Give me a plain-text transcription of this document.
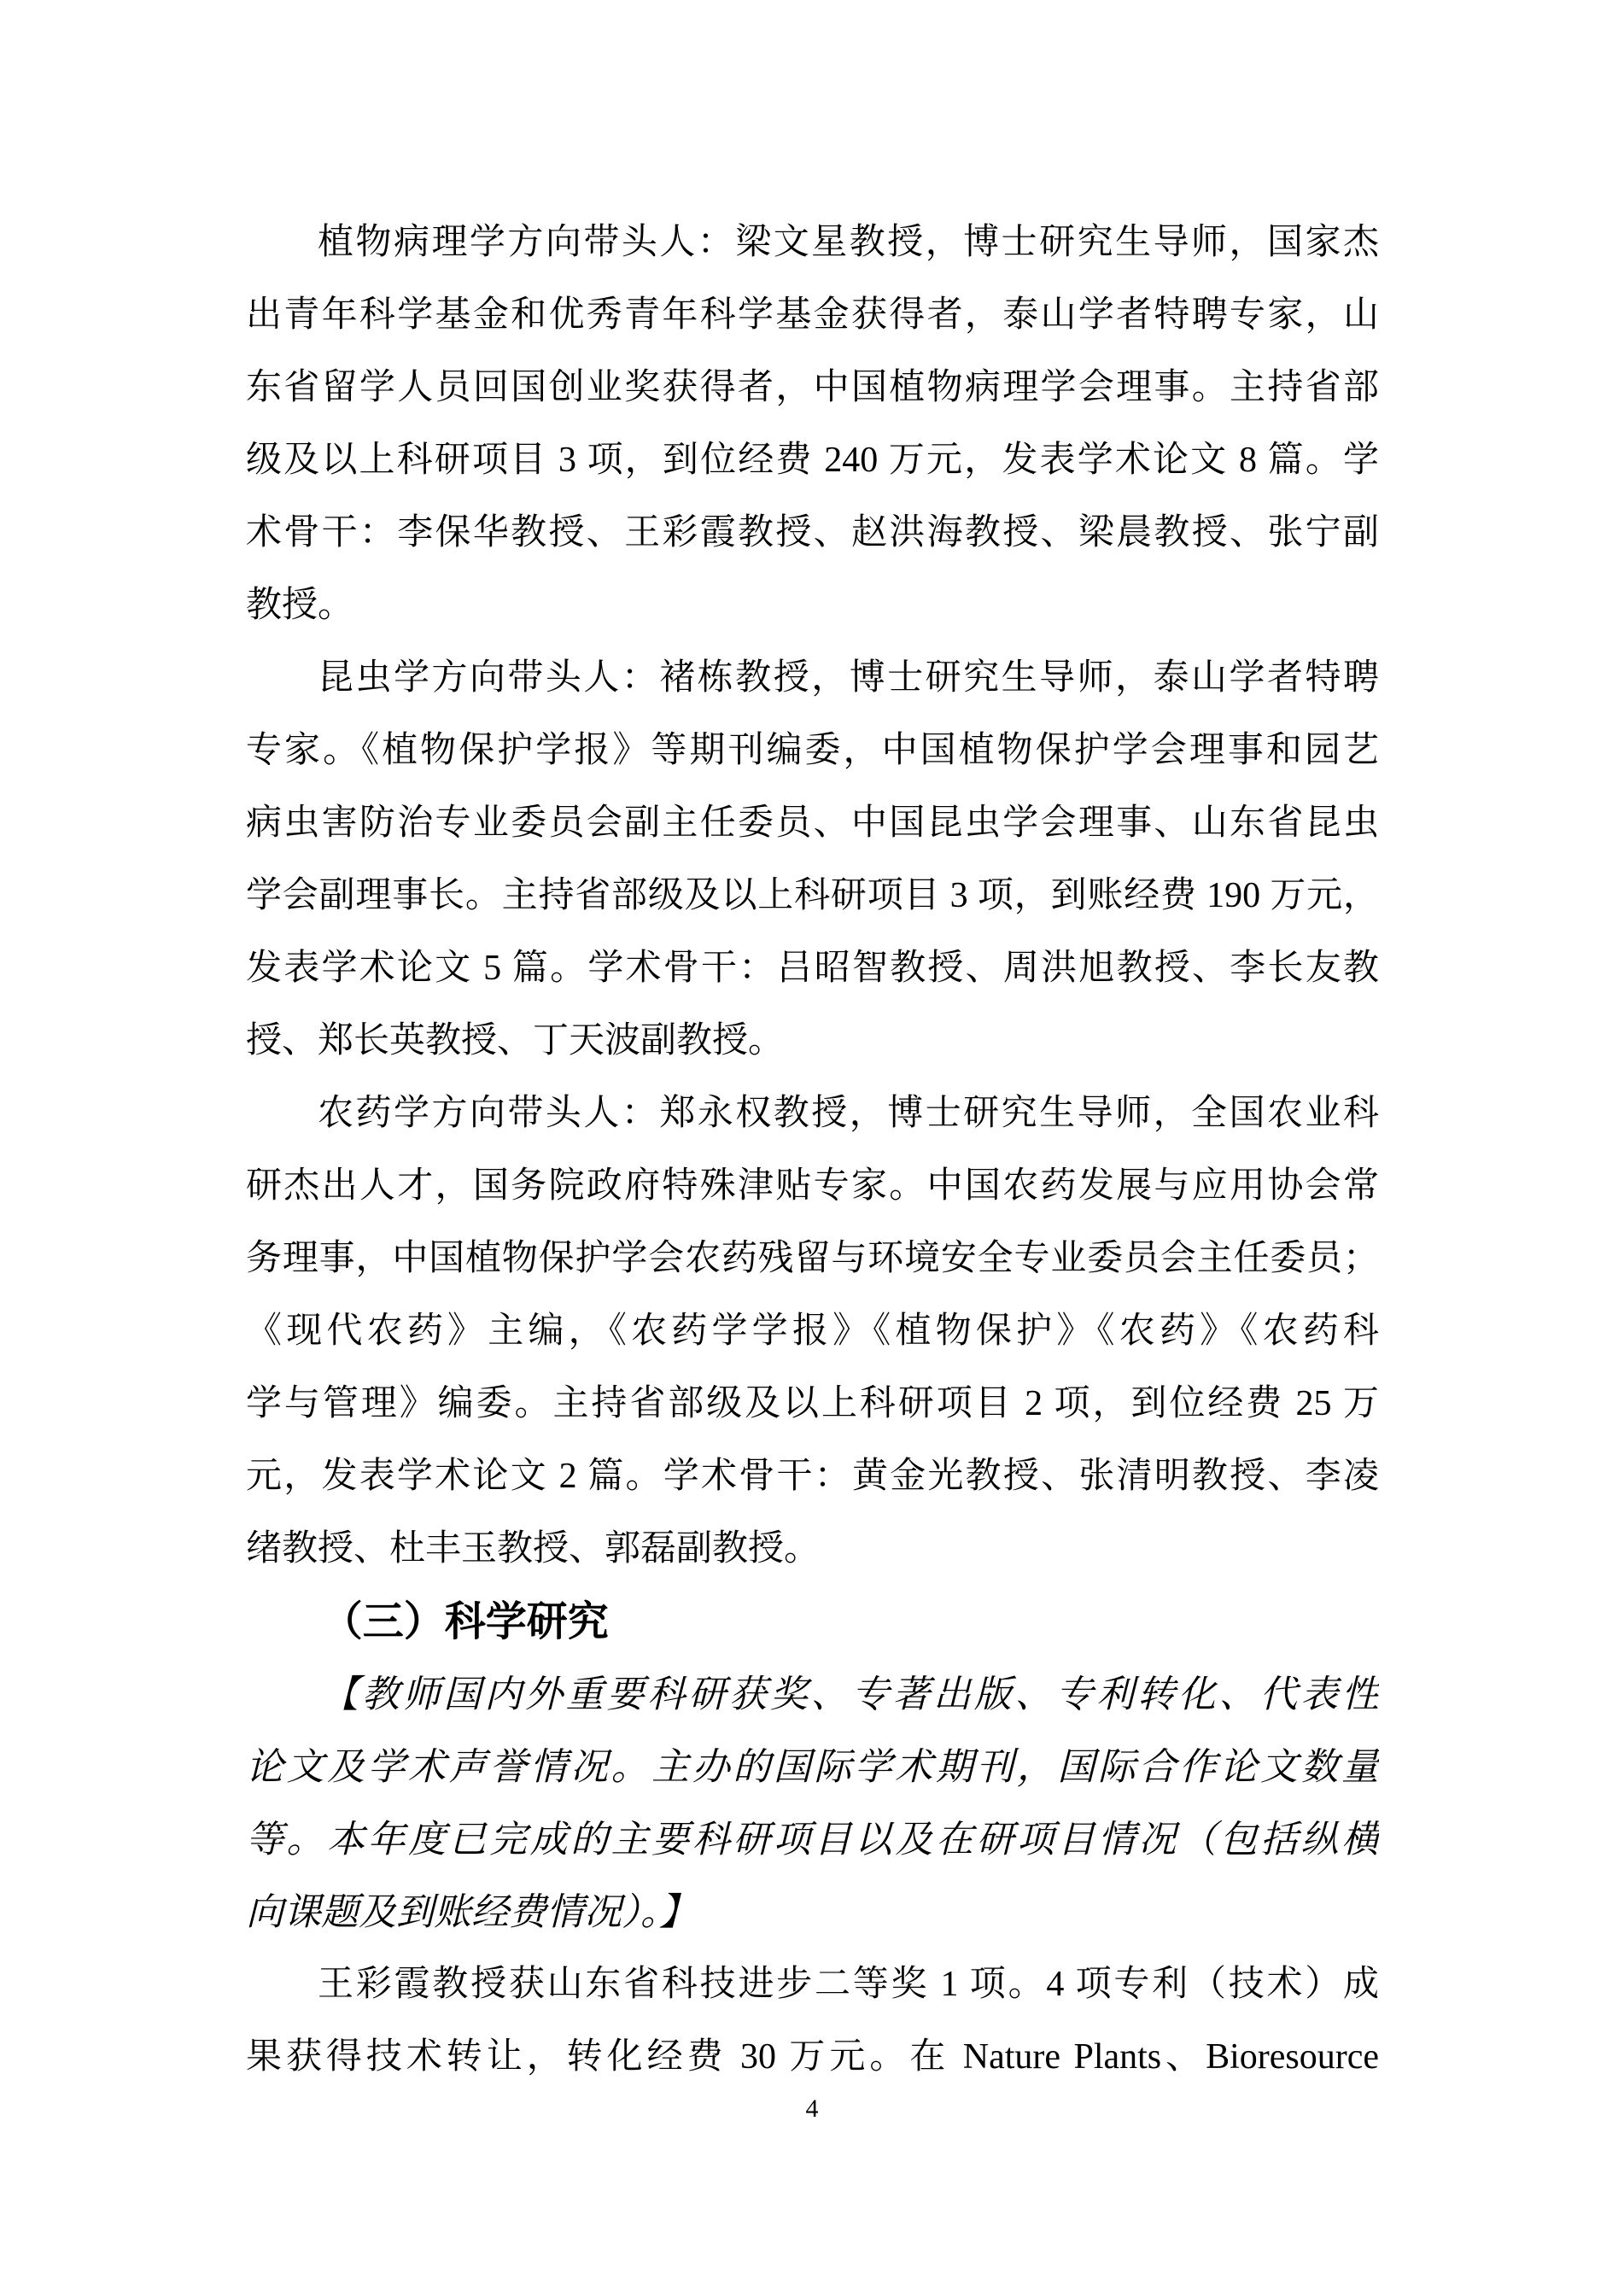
植物病理学方向带头人：梁文星教授，博士研究生导师，国家杰
出青年科学基金和优秀青年科学基金获得者，泰山学者特聘专家，山
东省留学人员回国创业奖获得者，中国植物病理学会理事。主持省部
级及以上科研项目 3 项，到位经费 240 万元，发表学术论文 8 篇。学
术骨干：李保华教授、王彩霞教授、赵洪海教授、梁晨教授、张宁副
教授。
昆虫学方向带头人：褚栋教授，博士研究生导师，泰山学者特聘
专家。《植物保护学报》等期刊编委，中国植物保护学会理事和园艺
病虫害防治专业委员会副主任委员、中国昆虫学会理事、山东省昆虫
学会副理事长。主持省部级及以上科研项目 3 项，到账经费 190 万元，
发表学术论文 5 篇。学术骨干：吕昭智教授、周洪旭教授、李长友教
授、郑长英教授、丁天波副教授。
农药学方向带头人：郑永权教授，博士研究生导师，全国农业科
研杰出人才，国务院政府特殊津贴专家。中国农药发展与应用协会常
务理事，中国植物保护学会农药残留与环境安全专业委员会主任委员；
《现代农药》主编，《农药学学报》《植物保护》《农药》《农药科
学与管理》编委。主持省部级及以上科研项目 2 项，到位经费 25 万
元，发表学术论文 2 篇。学术骨干：黄金光教授、张清明教授、李凌
绪教授、杜丰玉教授、郭磊副教授。
（三）科学研究
【教师国内外重要科研获奖、专著出版、专利转化、代表性
论文及学术声誉情况。主办的国际学术期刊，国际合作论文数量
等。本年度已完成的主要科研项目以及在研项目情况（包括纵横
向课题及到账经费情况）。】
王彩霞教授获山东省科技进步二等奖 1 项。4 项专利（技术）成
果获得技术转让，转化经费 30 万元。在 Nature Plants、Bioresource
4
